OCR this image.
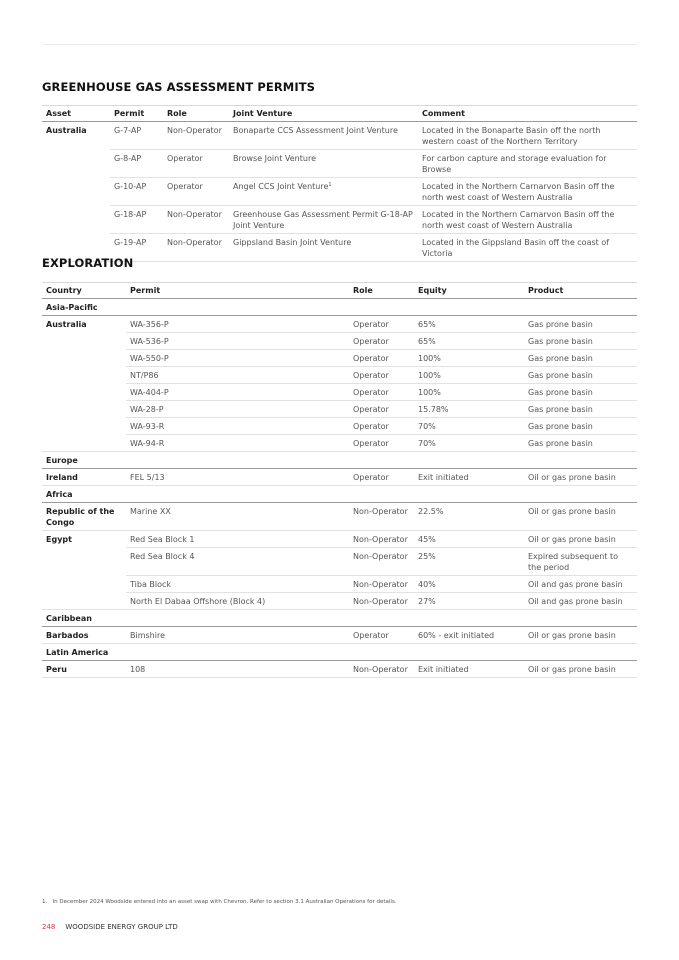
GREENHOUSE GAS ASSESSMENT PERMITS
Asset	Permit	Role	Joint Venture	Comment
Australia	G-7-AP	Non-Operator	Bonaparte CCS Assessment Joint Venture	Located in the Bonaparte Basin off the north western coast of the Northern Territory
	G-8-AP	Operator	Browse Joint Venture	For carbon capture and storage evaluation for Browse
	G-10-AP	Operator	Angel CCS Joint Venture$^1$	Located in the Northern Carnarvon Basin off the north west coast of Western Australia
	G-18-AP	Non-Operator	Greenhouse Gas Assessment Permit G-18-AP Joint Venture	Located in the Northern Carnarvon Basin off the north west coast of Western Australia
	G-19-AP	Non-Operator	Gippsland Basin Joint Venture	Located in the Gippsland Basin off the coast of Victoria
EXPLORATION
Country	Permit	Role	Equity	Product
Asia-Pacific				
Australia	WA-356-P	Operator	65%	Gas prone basin
	WA-536-P	Operator	65%	Gas prone basin
	WA-550-P	Operator	100%	Gas prone basin
	NT/P86	Operator	100%	Gas prone basin
	WA-404-P	Operator	100%	Gas prone basin
	WA-28-P	Operator	15.78%	Gas prone basin
	WA-93-R	Operator	70%	Gas prone basin
	WA-94-R	Operator	70%	Gas prone basin
Europe				
Ireland	FEL 5/13	Operator	Exit initiated	Oil or gas prone basin
Africa				
Republic of the Congo	Marine XX	Non-Operator	22.5%	Oil or gas prone basin
Egypt	Red Sea Block 1	Non-Operator	45%	Oil or gas prone basin
	Red Sea Block 4	Non-Operator	25%	Expired subsequent to the period
	Tiba Block	Non-Operator	40%	Oil and gas prone basin
	North El Dabaa Offshore (Block 4)	Non-Operator	27%	Oil and gas prone basin
Caribbean				
Barbados	Bimshire	Operator	60% - exit initiated	Oil or gas prone basin
Latin America				
Peru	108	Non-Operator	Exit initiated	Oil or gas prone basin
1.   In December 2024 Woodside entered into an asset swap with Chevron. Refer to section 3.1 Australian Operations for details.
248 WOODSIDE ENERGY GROUP LTD
